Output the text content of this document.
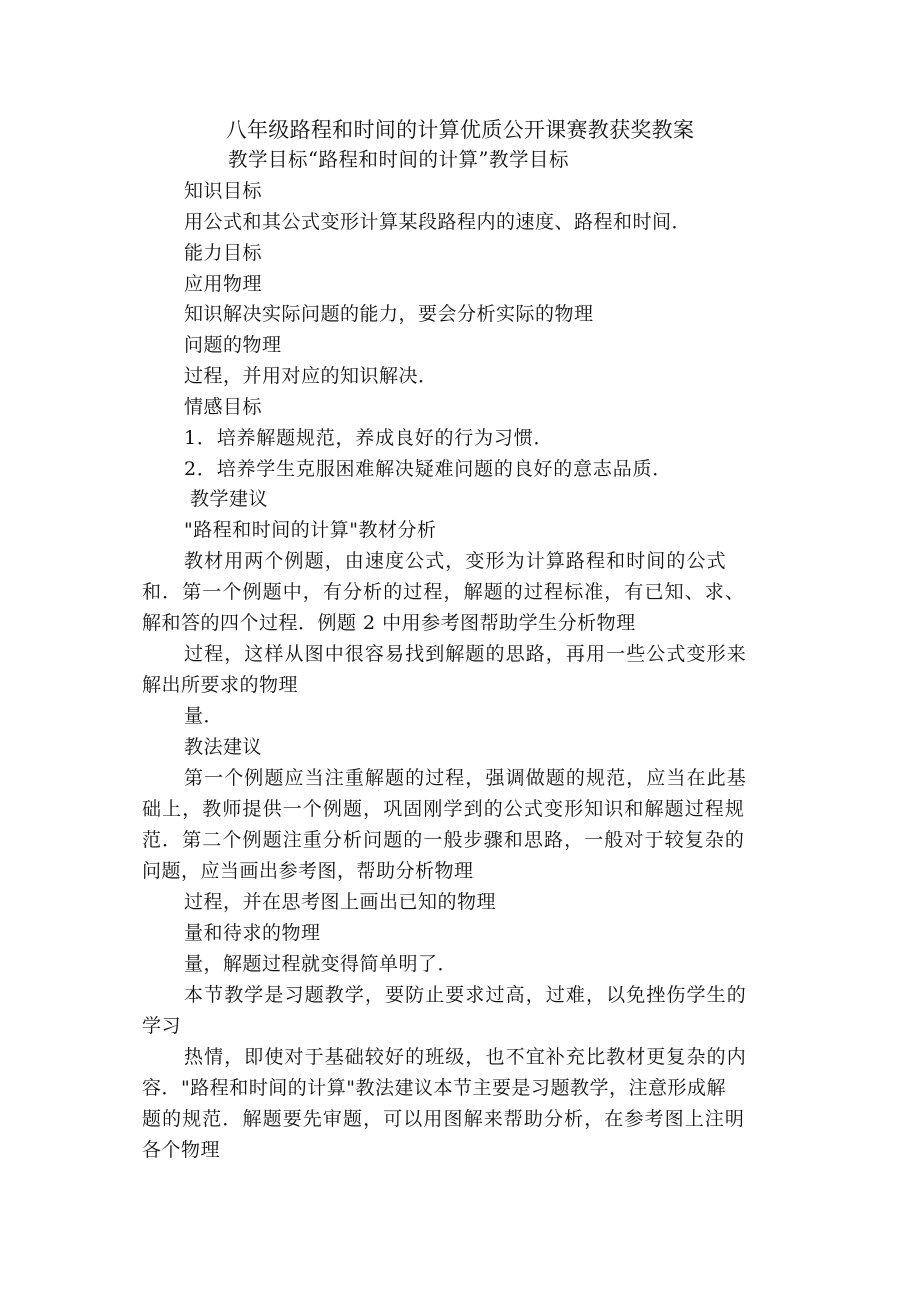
八年级路程和时间的计算优质公开课赛教获奖教案
教学目标“路程和时间的计算”教学目标
知识目标
用公式和其公式变形计算某段路程内的速度、路程和时间．
能力目标
应用物理
知识解决实际问题的能力，要会分析实际的物理
问题的物理
过程，并用对应的知识解决．
情感目标
1．培养解题规范，养成良好的行为习惯．
2．培养学生克服困难解决疑难问题的良好的意志品质．
教学建议
"路程和时间的计算"教材分析
教材用两个例题，由速度公式，变形为计算路程和时间的公式
和．第一个例题中，有分析的过程，解题的过程标准，有已知、求、
解和答的四个过程．例题 2 中用参考图帮助学生分析物理
过程，这样从图中很容易找到解题的思路，再用一些公式变形来
解出所要求的物理
量．
教法建议
第一个例题应当注重解题的过程，强调做题的规范，应当在此基
础上，教师提供一个例题，巩固刚学到的公式变形知识和解题过程规
范．第二个例题注重分析问题的一般步骤和思路，一般对于较复杂的
问题，应当画出参考图，帮助分析物理
过程，并在思考图上画出已知的物理
量和待求的物理
量，解题过程就变得简单明了．
本节教学是习题教学，要防止要求过高，过难，以免挫伤学生的
学习
热情，即使对于基础较好的班级，也不宜补充比教材更复杂的内
容．"路程和时间的计算"教法建议本节主要是习题教学，注意形成解
题的规范．解题要先审题，可以用图解来帮助分析，在参考图上注明
各个物理
